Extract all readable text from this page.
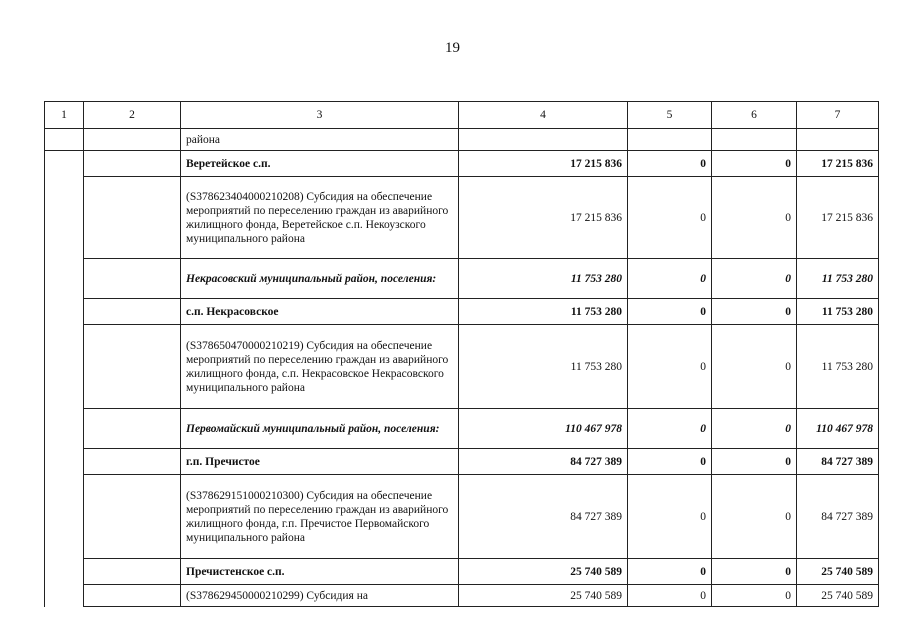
19
1	2	3	4	5	6	7
		района				
		Веретейское с.п.	17 215 836	0	0	17 215 836
		(S378623404000210208) Субсидия на обеспечение мероприятий по переселению граждан из аварийного жилищного фонда, Веретейское с.п. Некоузского муниципального района	17 215 836	0	0	17 215 836
		Некрасовский муниципальный район, поселения:	11 753 280	0	0	11 753 280
		с.п. Некрасовское	11 753 280	0	0	11 753 280
		(S378650470000210219) Субсидия на обеспечение мероприятий по переселению граждан из аварийного жилищного фонда, с.п. Некрасовское Некрасовского муниципального района	11 753 280	0	0	11 753 280
		Первомайский муниципальный район, поселения:	110 467 978	0	0	110 467 978
		г.п. Пречистое	84 727 389	0	0	84 727 389
		(S378629151000210300) Субсидия на обеспечение мероприятий по переселению граждан из аварийного жилищного фонда, г.п. Пречистое Первомайского муниципального района	84 727 389	0	0	84 727 389
		Пречистенское с.п.	25 740 589	0	0	25 740 589
		(S378629450000210299) Субсидия на	25 740 589	0	0	25 740 589
